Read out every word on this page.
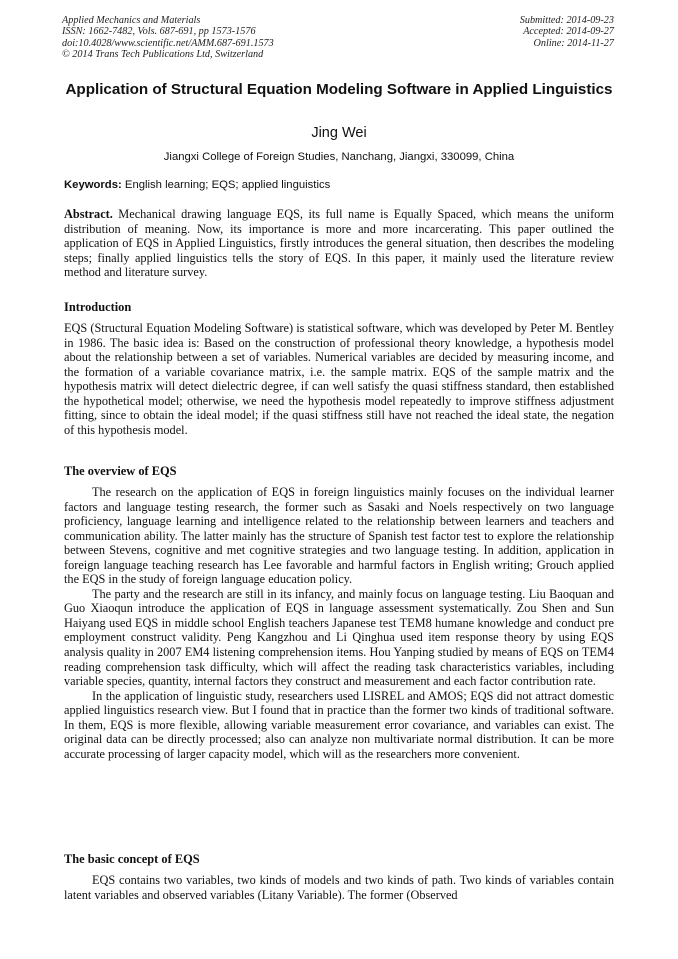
Applied Mechanics and Materials
ISSN: 1662-7482, Vols. 687-691, pp 1573-1576
doi:10.4028/www.scientific.net/AMM.687-691.1573
© 2014 Trans Tech Publications Ltd, Switzerland
Submitted: 2014-09-23
Accepted: 2014-09-27
Online: 2014-11-27
Application of Structural Equation Modeling Software in Applied Linguistics
Jing Wei
Jiangxi College of Foreign Studies, Nanchang, Jiangxi, 330099, China
Keywords: English learning; EQS; applied linguistics

Abstract. Mechanical drawing language EQS, its full name is Equally Spaced, which means the uniform distribution of meaning. Now, its importance is more and more incarcerating. This paper outlined the application of EQS in Applied Linguistics, firstly introduces the general situation, then describes the modeling steps; finally applied linguistics tells the story of EQS. In this paper, it mainly used the literature review method and literature survey.

Introduction

EQS (Structural Equation Modeling Software) is statistical software, which was developed by Peter M. Bentley in 1986. The basic idea is: Based on the construction of professional theory knowledge, a hypothesis model about the relationship between a set of variables. Numerical variables are decided by measuring income, and the formation of a variable covariance matrix, i.e. the sample matrix. EQS of the sample matrix and the hypothesis matrix will detect dielectric degree, if can well satisfy the quasi stiffness standard, then established the hypothetical model; otherwise, we need the hypothesis model repeatedly to improve stiffness adjustment fitting, since to obtain the ideal model; if the quasi stiffness still have not reached the ideal state, the negation of this hypothesis model.

The overview of EQS

The research on the application of EQS in foreign linguistics mainly focuses on the individual learner factors and language testing research, the former such as Sasaki and Noels respectively on two language proficiency, language learning and intelligence related to the relationship between learners and teachers and communication ability. The latter mainly has the structure of Spanish test factor test to explore the relationship between Stevens, cognitive and met cognitive strategies and two language testing. In addition, application in foreign language teaching research has Lee favorable and harmful factors in English writing; Grouch applied the EQS in the study of foreign language education policy.

The party and the research are still in its infancy, and mainly focus on language testing. Liu Baoquan and Guo Xiaoqun introduce the application of EQS in language assessment systematically. Zou Shen and Sun Haiyang used EQS in middle school English teachers Japanese test TEM8 humane knowledge and conduct pre employment construct validity. Peng Kangzhou and Li Qinghua used item response theory by using EQS analysis quality in 2007 EM4 listening comprehension items. Hou Yanping studied by means of EQS on TEM4 reading comprehension task difficulty, which will affect the reading task characteristics variables, including variable species, quantity, internal factors they construct and measurement and each factor contribution rate.

In the application of linguistic study, researchers used LISREL and AMOS; EQS did not attract domestic applied linguistics research view. But I found that in practice than the former two kinds of traditional software. In them, EQS is more flexible, allowing variable measurement error covariance, and variables can exist. The original data can be directly processed; also can analyze non multivariate normal distribution. It can be more accurate processing of larger capacity model, which will as the researchers more convenient.

The basic concept of EQS

EQS contains two variables, two kinds of models and two kinds of path. Two kinds of variables contain latent variables and observed variables (Litany Variable). The former (Observed
